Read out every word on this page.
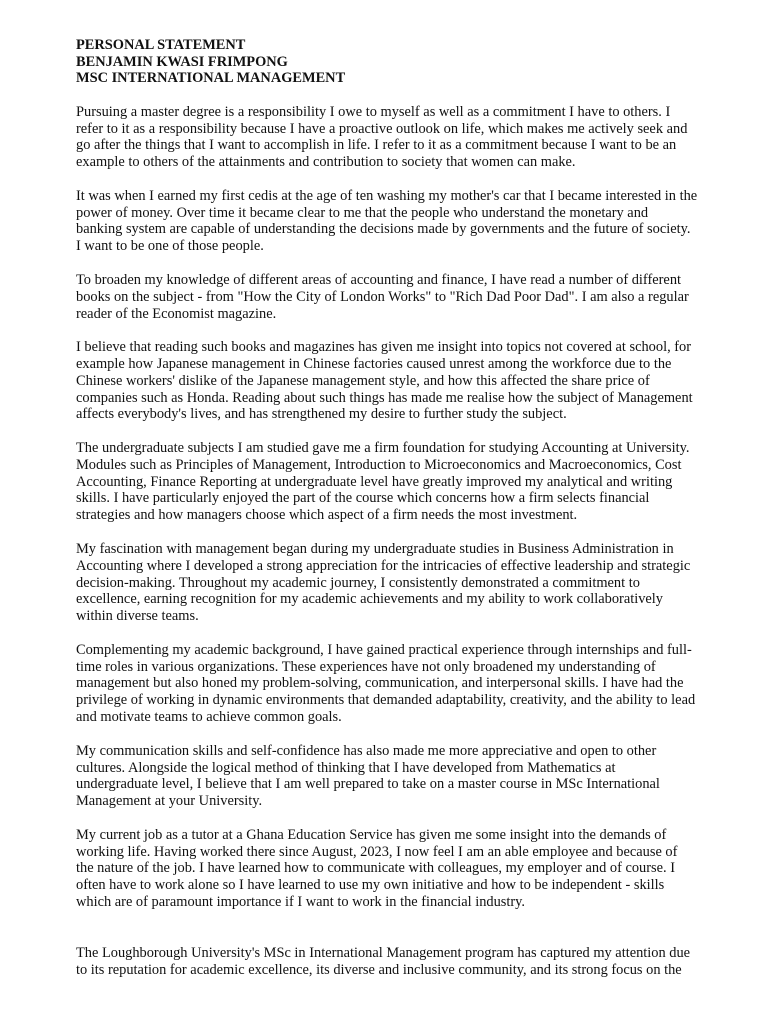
PERSONAL STATEMENT
BENJAMIN KWASI FRIMPONG
MSC INTERNATIONAL MANAGEMENT

Pursuing a master degree is a responsibility I owe to myself as well as a commitment I have to others. I refer to it as a responsibility because I have a proactive outlook on life, which makes me actively seek and go after the things that I want to accomplish in life. I refer to it as a commitment because I want to be an example to others of the attainments and contribution to society that women can make.

It was when I earned my first cedis at the age of ten washing my mother's car that I became interested in the power of money. Over time it became clear to me that the people who understand the monetary and banking system are capable of understanding the decisions made by governments and the future of society. I want to be one of those people.

To broaden my knowledge of different areas of accounting and finance, I have read a number of different books on the subject - from "How the City of London Works" to "Rich Dad Poor Dad". I am also a regular reader of the Economist magazine.

I believe that reading such books and magazines has given me insight into topics not covered at school, for example how Japanese management in Chinese factories caused unrest among the workforce due to the Chinese workers' dislike of the Japanese management style, and how this affected the share price of companies such as Honda. Reading about such things has made me realise how the subject of Management affects everybody's lives, and has strengthened my desire to further study the subject.

The undergraduate subjects I am studied gave me a firm foundation for studying Accounting at University. Modules such as Principles of Management, Introduction to Microeconomics and Macroeconomics, Cost Accounting, Finance Reporting at undergraduate level have greatly improved my analytical and writing skills. I have particularly enjoyed the part of the course which concerns how a firm selects financial strategies and how managers choose which aspect of a firm needs the most investment.

My fascination with management began during my undergraduate studies in Business Administration in Accounting where I developed a strong appreciation for the intricacies of effective leadership and strategic decision-making. Throughout my academic journey, I consistently demonstrated a commitment to excellence, earning recognition for my academic achievements and my ability to work collaboratively within diverse teams.

Complementing my academic background, I have gained practical experience through internships and full-time roles in various organizations. These experiences have not only broadened my understanding of management but also honed my problem-solving, communication, and interpersonal skills. I have had the privilege of working in dynamic environments that demanded adaptability, creativity, and the ability to lead and motivate teams to achieve common goals.

My communication skills and self-confidence has also made me more appreciative and open to other cultures. Alongside the logical method of thinking that I have developed from Mathematics at undergraduate level, I believe that I am well prepared to take on a master course in MSc International Management at your University.

My current job as a tutor at a Ghana Education Service has given me some insight into the demands of working life. Having worked there since August, 2023, I now feel I am an able employee and because of the nature of the job. I have learned how to communicate with colleagues, my employer and of course. I often have to work alone so I have learned to use my own initiative and how to be independent - skills which are of paramount importance if I want to work in the financial industry.

The Loughborough University's MSc in International Management program has captured my attention due to its reputation for academic excellence, its diverse and inclusive community, and its strong focus on the
